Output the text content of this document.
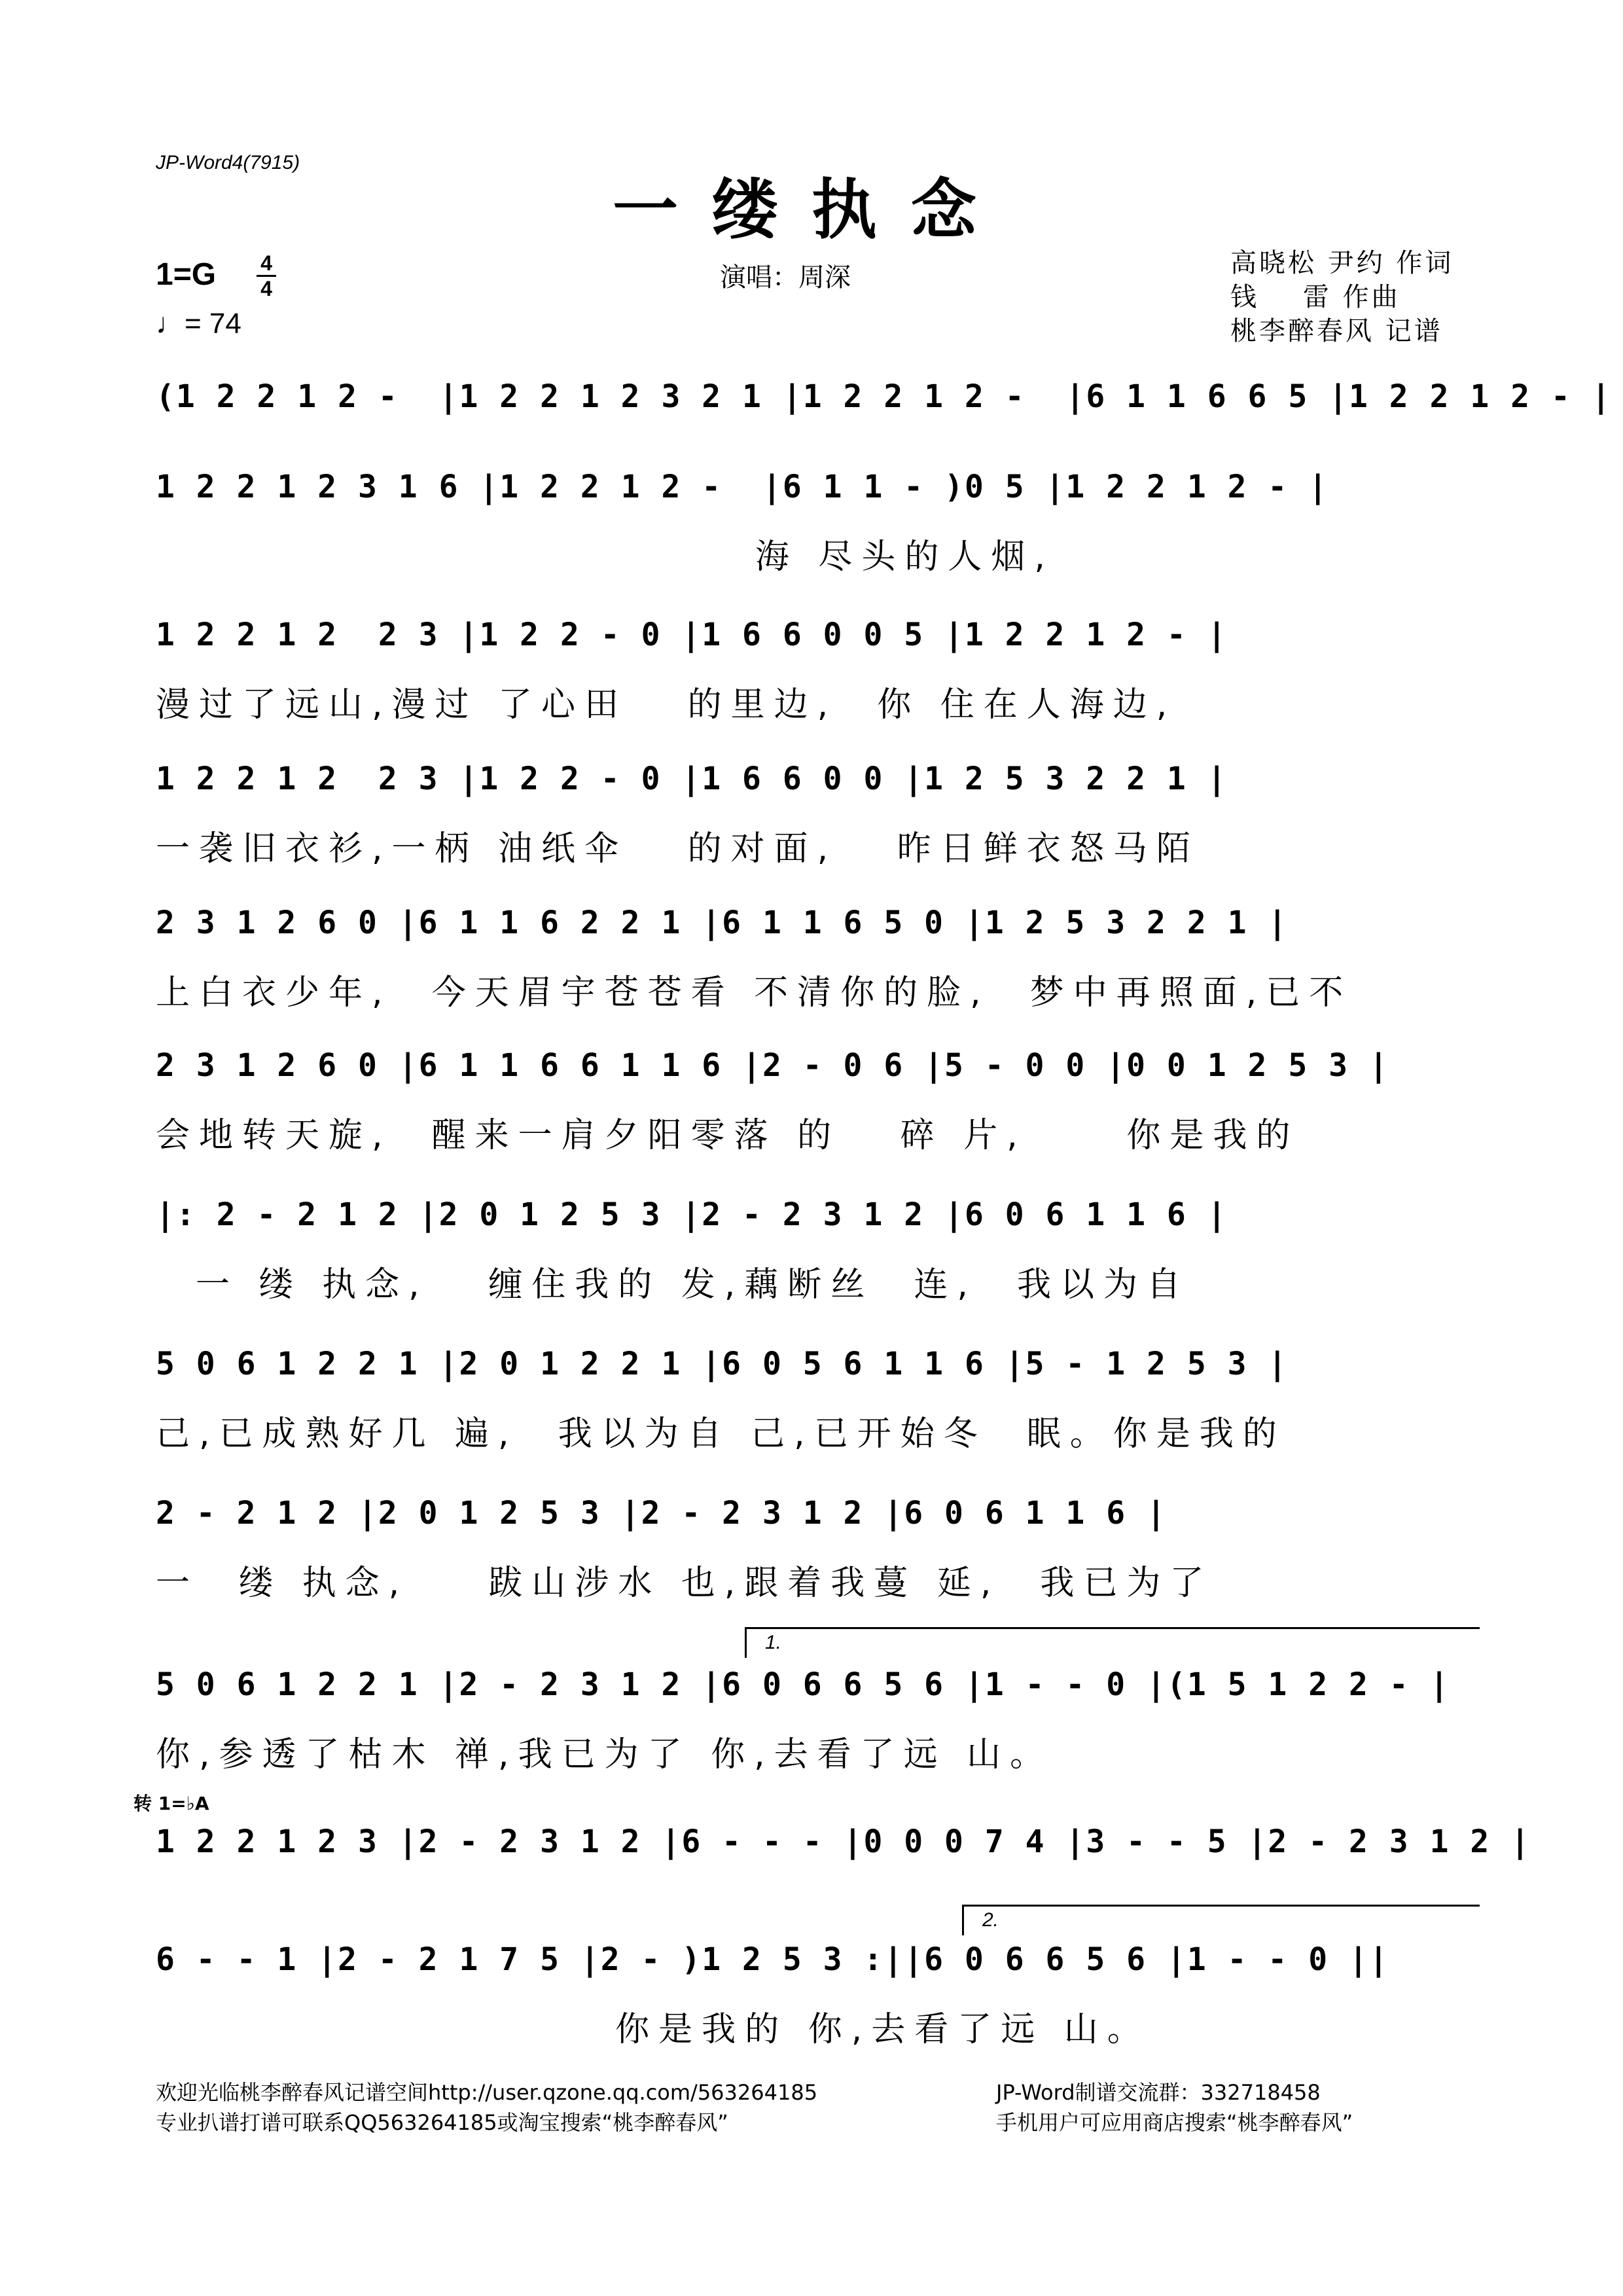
JP-Word4(7915)
一缕执念
1=G 4
4
♩= 74
演唱：周深	高晓松 尹约 作词
钱    雷 作曲
桃李醉春风 记谱
(1 2 2 1 2 -  |1 2 2 1 2 3 2 1 |1 2 2 1 2 -  |6 1 1 6 6 5 |1 2 2 1 2 - |
1 2 2 1 2 3 1 6 |1 2 2 1 2 -  |6 1 1 - )0 5 |1 2 2 1 2 - |
海 尽头的人烟,
1 2 2 1 2  2 3 |1 2 2 - 0 |1 6 6 0 0 5 |1 2 2 1 2 - |
漫过了远山,漫过 了心田   的里边,  你 住在人海边,
1 2 2 1 2  2 3 |1 2 2 - 0 |1 6 6 0 0 |1 2 5 3 2 2 1 |
一袭旧衣衫,一柄 油纸伞   的对面,   昨日鲜衣怒马陌
2 3 1 2 6 0 |6 1 1 6 2 2 1 |6 1 1 6 5 0 |1 2 5 3 2 2 1 |
上白衣少年,  今天眉宇苍苍看 不清你的脸,  梦中再照面,已不
2 3 1 2 6 0 |6 1 1 6 6 1 1 6 |2 - 0 6 |5 - 0 0 |0 0 1 2 5 3 |
会地转天旋,  醒来一肩夕阳零落 的   碎 片,     你是我的
|: 2 - 2 1 2 |2 0 1 2 5 3 |2 - 2 3 1 2 |6 0 6 1 1 6 |
一 缕 执念,   缠住我的 发,藕断丝  连,  我以为自
5 0 6 1 2 2 1 |2 0 1 2 2 1 |6 0 5 6 1 1 6 |5 - 1 2 5 3 |
己,已成熟好几 遍,  我以为自 己,已开始冬  眠。你是我的
2 - 2 1 2 |2 0 1 2 5 3 |2 - 2 3 1 2 |6 0 6 1 1 6 |
一  缕 执念,    跋山涉水 也,跟着我蔓 延,  我已为了
1.
5 0 6 1 2 2 1 |2 - 2 3 1 2 |6 0 6 6 5 6 |1 - - 0 |(1 5 1 2 2 - |
你,参透了枯木 禅,我已为了 你,去看了远 山。
转 1=♭A
1 2 2 1 2 3 |2 - 2 3 1 2 |6 - - - |0 0 0 7 4 |3 - - 5 |2 - 2 3 1 2 |
2.
6 - - 1 |2 - 2 1 7 5 |2 - )1 2 5 3 :||6 0 6 6 5 6 |1 - - 0 ||
你是我的 你,去看了远 山。
欢迎光临桃李醉春风记谱空间http://user.qzone.qq.com/563264185
专业扒谱打谱可联系QQ563264185或淘宝搜索“桃李醉春风”
JP-Word制谱交流群：332718458
手机用户可应用商店搜索“桃李醉春风”
